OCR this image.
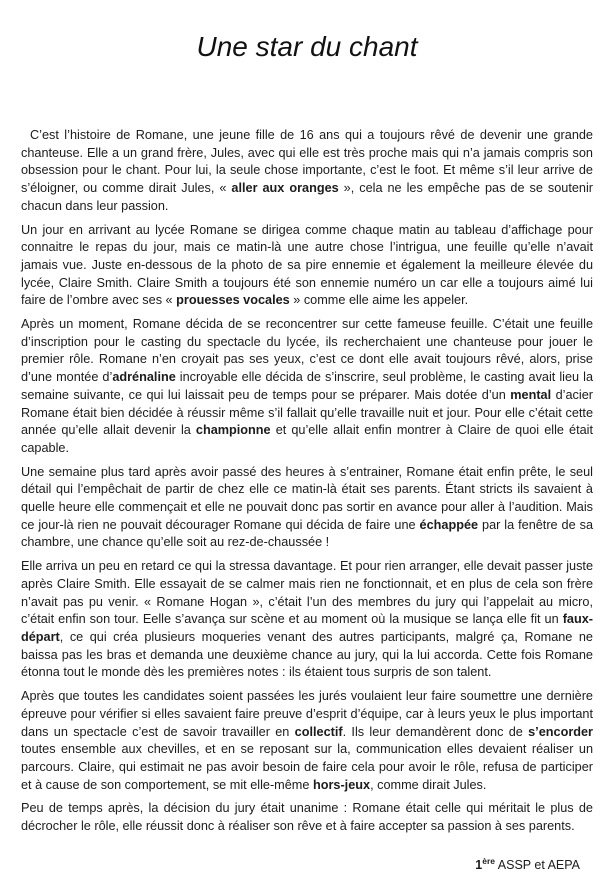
Une star du chant

C’est l’histoire de Romane, une jeune fille de 16 ans qui a toujours rêvé de devenir une grande chanteuse. Elle a un grand frère, Jules, avec qui elle est très proche mais qui n’a jamais compris son obsession pour le chant. Pour lui, la seule chose importante, c’est le foot. Et même s’il leur arrive de s’éloigner, ou comme dirait Jules, « aller aux oranges », cela ne les empêche pas de se soutenir chacun dans leur passion.

Un jour en arrivant au lycée Romane se dirigea comme chaque matin au tableau d’affichage pour connaitre le repas du jour, mais ce matin-là une autre chose l’intrigua, une feuille qu’elle n’avait jamais vue. Juste en-dessous de la photo de sa pire ennemie et également la meilleure élevée du lycée, Claire Smith. Claire Smith a toujours été son ennemie numéro un car elle a toujours aimé lui faire de l’ombre avec ses « prouesses vocales » comme elle aime les appeler.

Après un moment, Romane décida de se reconcentrer sur cette fameuse feuille. C’était une feuille d’inscription pour le casting du spectacle du lycée, ils recherchaient une chanteuse pour jouer le premier rôle. Romane n’en croyait pas ses yeux, c’est ce dont elle avait toujours rêvé, alors, prise d’une montée d’adrénaline incroyable elle décida de s’inscrire, seul problème, le casting avait lieu la semaine suivante, ce qui lui laissait peu de temps pour se préparer. Mais dotée d’un mental d’acier Romane était bien décidée à réussir même s’il fallait qu’elle travaille nuit et jour. Pour elle c’était cette année qu’elle allait devenir la championne et qu’elle allait enfin montrer à Claire de quoi elle était capable.

Une semaine plus tard après avoir passé des heures à s’entrainer, Romane était enfin prête, le seul détail qui l’empêchait de partir de chez elle ce matin-là était ses parents. Étant stricts ils savaient à quelle heure elle commençait et elle ne pouvait donc pas sortir en avance pour aller à l’audition. Mais ce jour-là rien ne pouvait décourager Romane qui décida de faire une échappée par la fenêtre de sa chambre, une chance qu’elle soit au rez-de-chaussée !

Elle arriva un peu en retard ce qui la stressa davantage. Et pour rien arranger, elle devait passer juste après Claire Smith. Elle essayait de se calmer mais rien ne fonctionnait, et en plus de cela son frère n’avait pas pu venir. « Romane Hogan », c’était l’un des membres du jury qui l’appelait au micro, c’était enfin son tour. Eelle s’avança sur scène et au moment où la musique se lança elle fit un faux-départ, ce qui créa plusieurs moqueries venant des autres participants, malgré ça, Romane ne baissa pas les bras et demanda une deuxième chance au jury, qui la lui accorda. Cette fois Romane étonna tout le monde dès les premières notes : ils étaient tous surpris de son talent.

Après que toutes les candidates soient passées les jurés voulaient leur faire soumettre une dernière épreuve pour vérifier si elles savaient faire preuve d’esprit d’équipe, car à leurs yeux le plus important dans un spectacle c’est de savoir travailler en collectif. Ils leur demandèrent donc de s’encorder toutes ensemble aux chevilles, et en se reposant sur la, communication elles devaient réaliser un parcours. Claire, qui estimait ne pas avoir besoin de faire cela pour avoir le rôle, refusa de participer et à cause de son comportement, se mit elle-même hors-jeux, comme dirait Jules.

Peu de temps après, la décision du jury était unanime : Romane était celle qui méritait le plus de décrocher le rôle, elle réussit donc à réaliser son rêve et à faire accepter sa passion à ses parents.

1ère ASSP et AEPA
